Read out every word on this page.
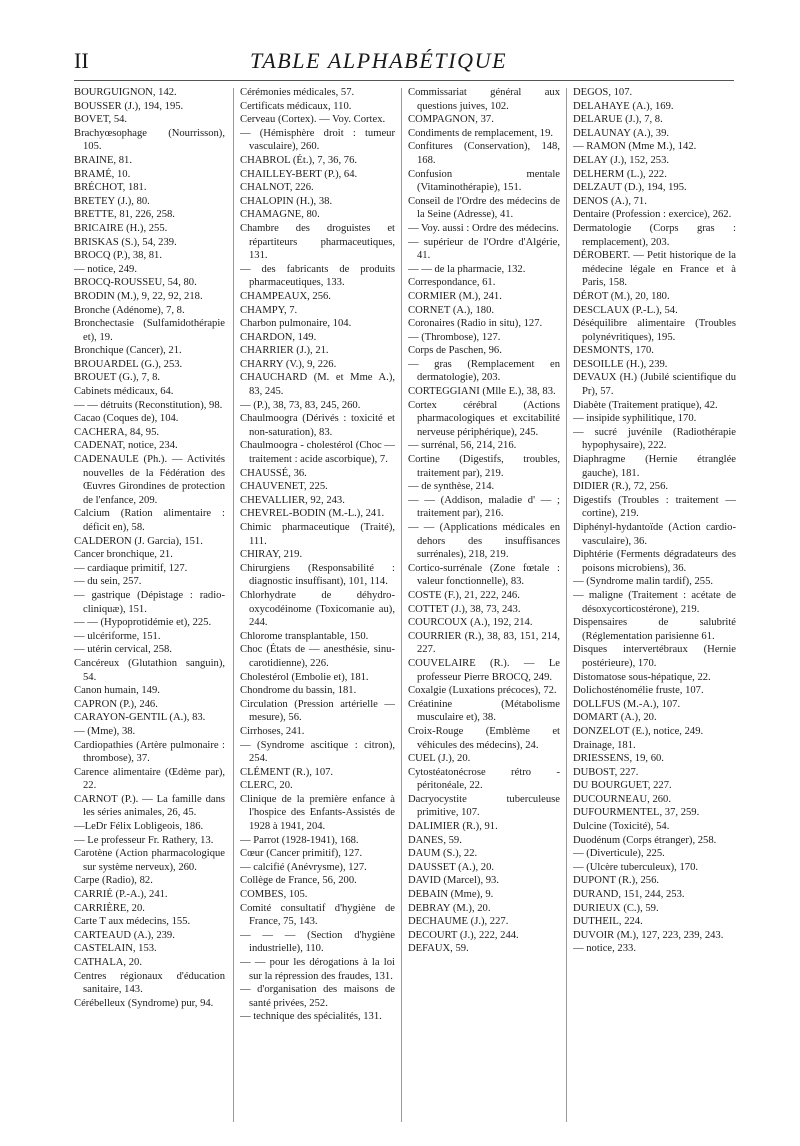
II	TABLE ALPHABÉTIQUE

BOURGUIGNON, 142.

BOUSSER (J.), 194, 195.

BOVET, 54.

Brachyœsophage (Nourrisson), 105.

BRAINE, 81.

BRAMÉ, 10.

BRÉCHOT, 181.

BRETEY (J.), 80.

BRETTE, 81, 226, 258.

BRICAIRE (H.), 255.

BRISKAS (S.), 54, 239.

BROCQ (P.), 38, 81.

— notice, 249.

BROCQ-ROUSSEU, 54, 80.

BRODIN (M.), 9, 22, 92, 218.

Bronche (Adénome), 7, 8.

Bronchectasie (Sulfamidothérapie et), 19.

Bronchique (Cancer), 21.

BROUARDEL (G.), 253.

BROUET (G.), 7, 8.

Cabinets médicaux, 64.

— — détruits (Reconstitution), 98.

Cacao (Coques de), 104.

CACHERA, 84, 95.

CADENAT, notice, 234.

CADENAULE (Ph.). — Activités nouvelles de la Fédération des Œuvres Girondines de protection de l'enfance, 209.

Calcium (Ration alimentaire : déficit en), 58.

CALDERON (J. Garcia), 151.

Cancer bronchique, 21.

— cardiaque primitif, 127.

— du sein, 257.

— gastrique (Dépistage : radio-cliniquæ), 151.

— — (Hypoprotidémie et), 225.

— ulcériforme, 151.

— utérin cervical, 258.

Cancéreux (Glutathion sanguin), 54.

Canon humain, 149.

CAPRON (P.), 246.

CARAYON-GENTIL (A.), 83.

— (Mme), 38.

Cardiopathies (Artère pulmonaire : thrombose), 37.

Carence alimentaire (Œdème par), 22.

CARNOT (P.). — La famille dans les séries animales, 26, 45.

—LeDr Félix Lobligeois, 186.

— Le professeur Fr. Rathery, 13.

Carotène (Action pharmacologique sur système nerveux), 260.

Carpe (Radio), 82.

CARRIÉ (P.-A.), 241.

CARRIÈRE, 20.

Carte T aux médecins, 155.

CARTEAUD (A.), 239.

CASTELAIN, 153.

CATHALA, 20.

Centres régionaux d'éducation sanitaire, 143.

Cérébelleux (Syndrome) pur, 94.

Cérémonies médicales, 57.

Certificats médicaux, 110.

Cerveau (Cortex). — Voy. Cortex.

— (Hémisphère droit : tumeur vasculaire), 260.

CHABROL (Ét.), 7, 36, 76.

CHAILLEY-BERT (P.), 64.

CHALNOT, 226.

CHALOPIN (H.), 38.

CHAMAGNE, 80.

Chambre des droguistes et répartiteurs pharmaceutiques, 131.

— des fabricants de produits pharmaceutiques, 133.

CHAMPEAUX, 256.

CHAMPY, 7.

Charbon pulmonaire, 104.

CHARDON, 149.

CHARRIER (J.), 21.

CHARRY (V.), 9, 226.

CHAUCHARD (M. et Mme A.), 83, 245.

— (P.), 38, 73, 83, 245, 260.

Chaulmoogra (Dérivés : toxicité et non-saturation), 83.

Chaulmoogra - cholestérol (Choc — traitement : acide ascorbique), 7.

CHAUSSÉ, 36.

CHAUVENET, 225.

CHEVALLIER, 92, 243.

CHEVREL-BODIN (M.-L.), 241.

Chimic pharmaceutique (Traité), 111.

CHIRAY, 219.

Chirurgiens (Responsabilité : diagnostic insuffisant), 101, 114.

Chlorhydrate de déhydro-oxycodéinome (Toxicomanie au), 244.

Chlorome transplantable, 150.

Choc (États de — anesthésie, sinu-carotidienne), 226.

Cholestérol (Embolie et), 181.

Chondrome du bassin, 181.

Circulation (Pression artérielle — mesure), 56.

Cirrhoses, 241.

— (Syndrome ascitique : citron), 254.

CLÉMENT (R.), 107.

CLERC, 20.

Clinique de la première enfance à l'hospice des Enfants-Assistés de 1928 à 1941, 204.

— Parrot (1928-1941), 168.

Cœur (Cancer primitif), 127.

— calcifié (Anévrysme), 127.

Collège de France, 56, 200.

COMBES, 105.

Comité consultatif d'hygiène de France, 75, 143.

— — — (Section d'hygiène industrielle), 110.

— — pour les dérogations à la loi sur la répression des fraudes, 131.

— d'organisation des maisons de santé privées, 252.

— technique des spécialités, 131.

Commissariat général aux questions juives, 102.

COMPAGNON, 37.

Condiments de remplacement, 19.

Confitures (Conservation), 148, 168.

Confusion mentale (Vitaminothérapie), 151.

Conseil de l'Ordre des médecins de la Seine (Adresse), 41.

— Voy. aussi : Ordre des médecins.

— supérieur de l'Ordre d'Algérie, 41.

— — de la pharmacie, 132.

Correspondance, 61.

CORMIER (M.), 241.

CORNET (A.), 180.

Coronaires (Radio in situ), 127.

— (Thrombose), 127.

Corps de Paschen, 96.

— gras (Remplacement en dermatologie), 203.

CORTEGGIANI (Mlle E.), 38, 83.

Cortex cérébral (Actions pharmacologiques et excitabilité nerveuse périphérique), 245.

— surrénal, 56, 214, 216.

Cortine (Digestifs, troubles, traitement par), 219.

— de synthèse, 214.

— — (Addison, maladie d' — ; traitement par), 216.

— — (Applications médicales en dehors des insuffisances surrénales), 218, 219.

Cortico-surrénale (Zone fœtale : valeur fonctionnelle), 83.

COSTE (F.), 21, 222, 246.

COTTET (J.), 38, 73, 243.

COURCOUX (A.), 192, 214.

COURRIER (R.), 38, 83, 151, 214, 227.

COUVELAIRE (R.). — Le professeur Pierre BROCQ, 249.

Coxalgie (Luxations précoces), 72.

Créatinine (Métabolisme musculaire et), 38.

Croix-Rouge (Emblème et véhicules des médecins), 24.

CUEL (J.), 20.

Cytostéatonécrose rétro - péritonéale, 22.

Dacryocystite tuberculeuse primitive, 107.

DALIMIER (R.), 91.

DANES, 59.

DAUM (S.), 22.

DAUSSET (A.), 20.

DAVID (Marcel), 93.

DEBAIN (Mme), 9.

DEBRAY (M.), 20.

DECHAUME (J.), 227.

DECOURT (J.), 222, 244.

DEFAUX, 59.

DEGOS, 107.

DELAHAYE (A.), 169.

DELARUE (J.), 7, 8.

DELAUNAY (A.), 39.

— RAMON (Mme M.), 142.

DELAY (J.), 152, 253.

DELHERM (L.), 222.

DELZAUT (D.), 194, 195.

DENOS (A.), 71.

Dentaire (Profession : exercice), 262.

Dermatologie (Corps gras : remplacement), 203.

DÉROBERT. — Petit historique de la médecine légale en France et à Paris, 158.

DÉROT (M.), 20, 180.

DESCLAUX (P.-L.), 54.

Déséquilibre alimentaire (Troubles polynévritiques), 195.

DESMONTS, 170.

DESOILLE (H.), 239.

DEVAUX (H.) (Jubilé scientifique du Pr), 57.

Diabète (Traitement pratique), 42.

— insipide syphilitique, 170.

— sucré juvénile (Radiothérapie hypophysaire), 222.

Diaphragme (Hernie étranglée gauche), 181.

DIDIER (R.), 72, 256.

Digestifs (Troubles : traitement — cortine), 219.

Diphényl-hydantoïde (Action cardio-vasculaire), 36.

Diphtérie (Ferments dégradateurs des poisons microbiens), 36.

— (Syndrome malin tardif), 255.

— maligne (Traitement : acétate de désoxycorticostérone), 219.

Dispensaires de salubrité (Réglementation parisienne 61.

Disques intervertébraux (Hernie postérieure), 170.

Distomatose sous-hépatique, 22.

Dolichosténomélie fruste, 107.

DOLLFUS (M.-A.), 107.

DOMART (A.), 20.

DONZELOT (E.), notice, 249.

Drainage, 181.

DRIESSENS, 19, 60.

DUBOST, 227.

DU BOURGUET, 227.

DUCOURNEAU, 260.

DUFOURMENTEL, 37, 259.

Dulcine (Toxicité), 54.

Duodénum (Corps étranger), 258.

— (Diverticule), 225.

— (Ulcère tuberculeux), 170.

DUPONT (R.), 256.

DURAND, 151, 244, 253.

DURIEUX (C.), 59.

DUTHEIL, 224.

DUVOIR (M.), 127, 223, 239, 243.

— notice, 233.
